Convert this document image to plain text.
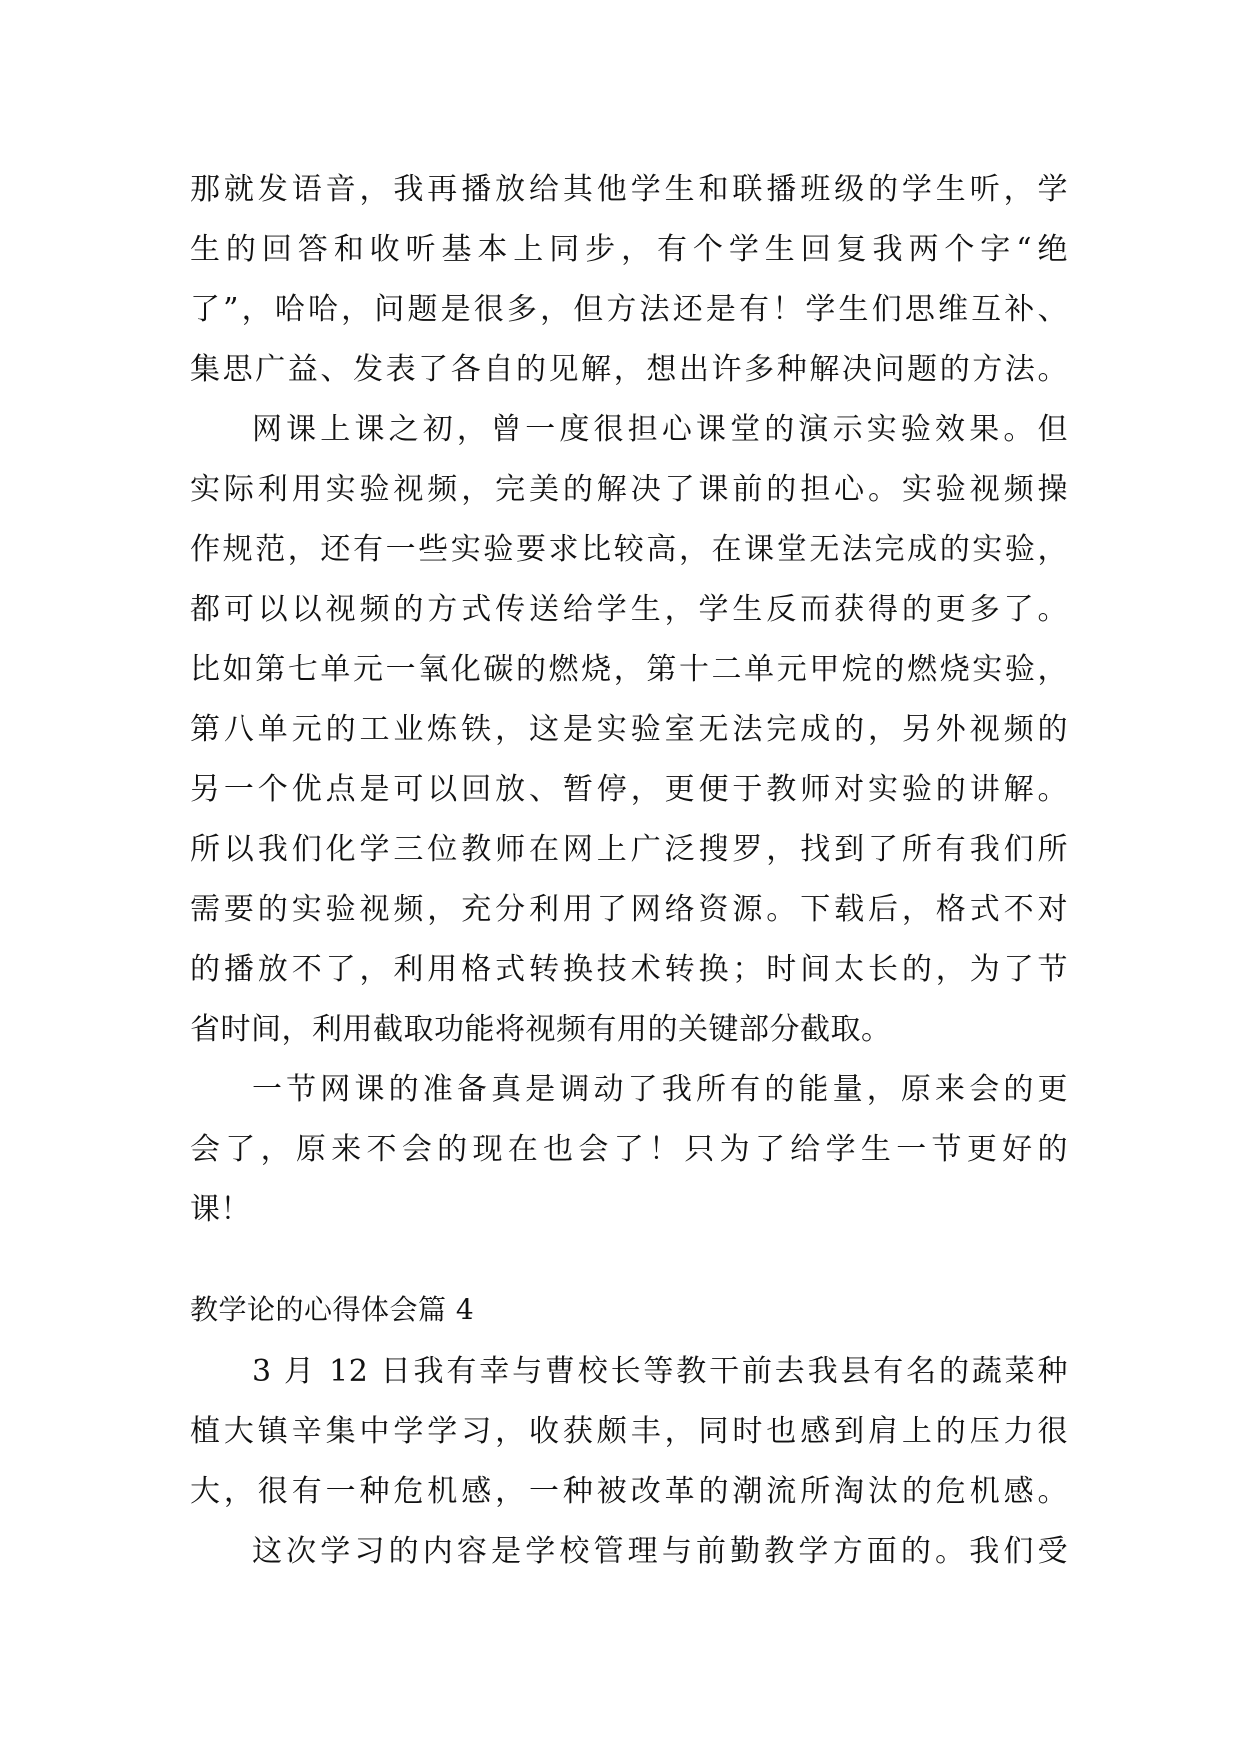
那就发语音，我再播放给其他学生和联播班级的学生听，学
生的回答和收听基本上同步，有个学生回复我两个字“绝
了”，哈哈，问题是很多，但方法还是有！学生们思维互补、
集思广益、发表了各自的见解，想出许多种解决问题的方法。
网课上课之初，曾一度很担心课堂的演示实验效果。但
实际利用实验视频，完美的解决了课前的担心。实验视频操
作规范，还有一些实验要求比较高，在课堂无法完成的实验，
都可以以视频的方式传送给学生，学生反而获得的更多了。
比如第七单元一氧化碳的燃烧，第十二单元甲烷的燃烧实验，
第八单元的工业炼铁，这是实验室无法完成的，另外视频的
另一个优点是可以回放、暂停，更便于教师对实验的讲解。
所以我们化学三位教师在网上广泛搜罗，找到了所有我们所
需要的实验视频，充分利用了网络资源。下载后，格式不对
的播放不了，利用格式转换技术转换；时间太长的，为了节
省时间，利用截取功能将视频有用的关键部分截取。
一节网课的准备真是调动了我所有的能量，原来会的更
会了，原来不会的现在也会了！只为了给学生一节更好的
课！
教学论的心得体会篇 4
3 月 12 日我有幸与曹校长等教干前去我县有名的蔬菜种
植大镇辛集中学学习，收获颇丰，同时也感到肩上的压力很
大，很有一种危机感，一种被改革的潮流所淘汰的危机感。
这次学习的内容是学校管理与前勤教学方面的。我们受
